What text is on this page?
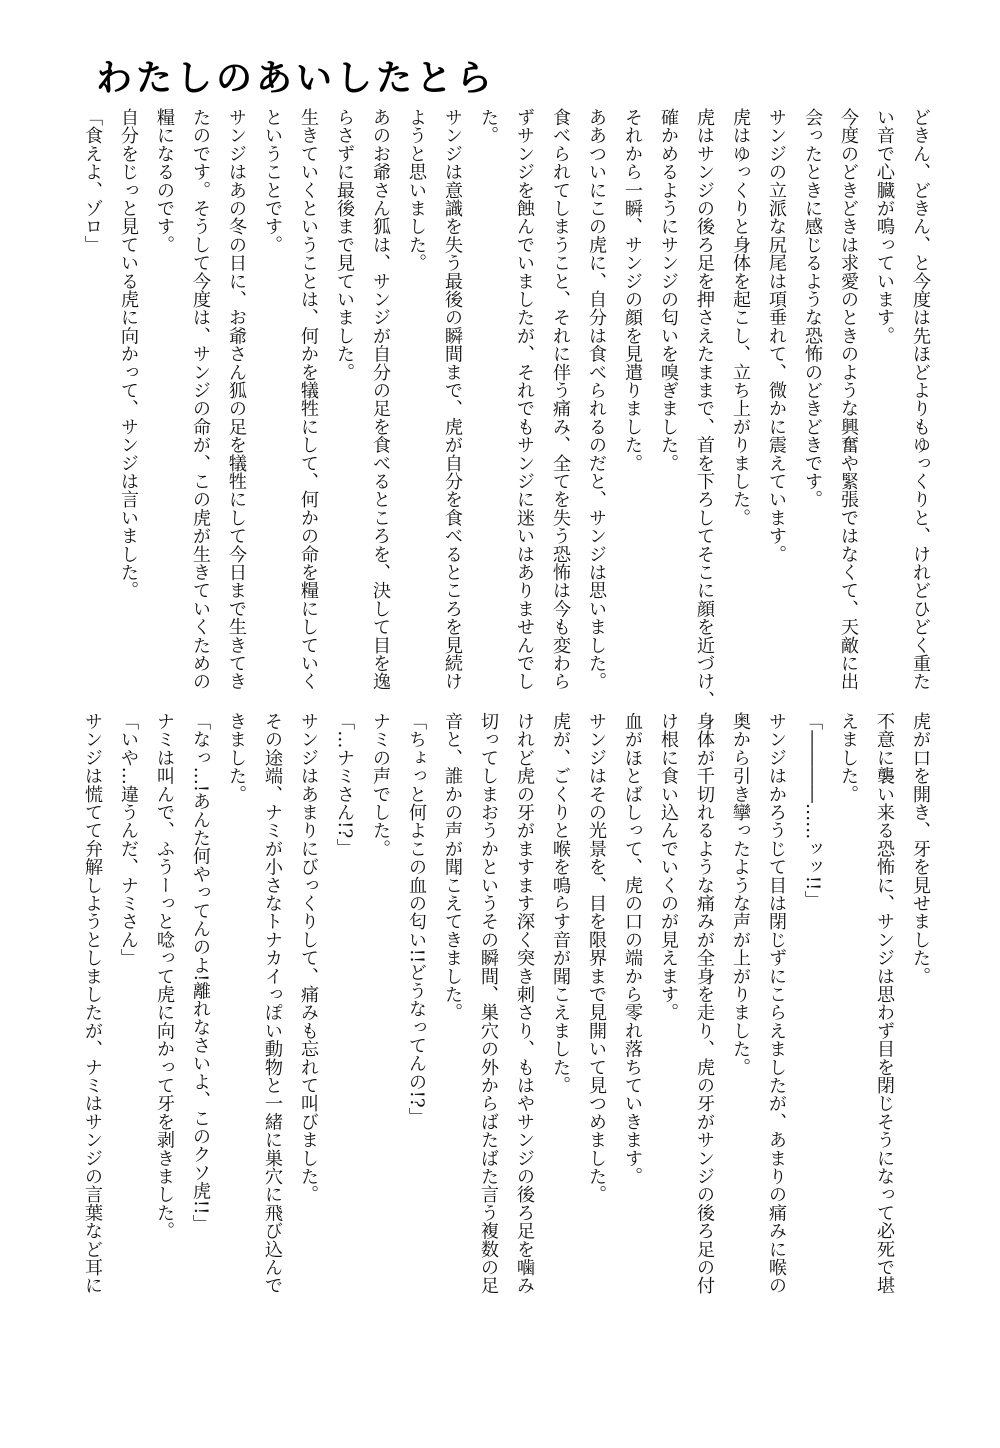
わたしのあいしたとら
どきん、どきん、と今度は先ほどよりもゆっくりと、けれどひどく重た
い音で心臓が鳴っています。
今度のどきどきは求愛のときのような興奮や緊張ではなくて、天敵に出
会ったときに感じるような恐怖のどきどきです。
サンジの立派な尻尾は項垂れて、微かに震えています。
虎はゆっくりと身体を起こし、立ち上がりました。
虎はサンジの後ろ足を押さえたままで、首を下ろしてそこに顔を近づけ、
確かめるようにサンジの匂いを嗅ぎました。
それから一瞬、サンジの顔を見遣りました。
ああついにこの虎に、自分は食べられるのだと、サンジは思いました。
食べられてしまうこと、それに伴う痛み、全てを失う恐怖は今も変わら
ずサンジを蝕んでいましたが、それでもサンジに迷いはありませんでし
た。
サンジは意識を失う最後の瞬間まで、虎が自分を食べるところを見続け
ようと思いました。
あのお爺さん狐は、サンジが自分の足を食べるところを、決して目を逸
らさずに最後まで見ていました。
生きていくということは、何かを犠牲にして、何かの命を糧にしていく
ということです。
サンジはあの冬の日に、お爺さん狐の足を犠牲にして今日まで生きてき
たのです。そうして今度は、サンジの命が、この虎が生きていくための
糧になるのです。
自分をじっと見ている虎に向かって、サンジは言いました。
「食えよ、ゾロ」
虎が口を開き、牙を見せました。
不意に襲い来る恐怖に、サンジは思わず目を閉じそうになって必死で堪
えました。
「――――……ッッ!!」
サンジはかろうじて目は閉じずにこらえましたが、あまりの痛みに喉の
奥から引き攣ったような声が上がりました。
身体が千切れるような痛みが全身を走り、虎の牙がサンジの後ろ足の付
け根に食い込んでいくのが見えます。
血がほとばしって、虎の口の端から零れ落ちていきます。
サンジはその光景を、目を限界まで見開いて見つめました。
虎が、ごくりと喉を鳴らす音が聞こえました。
けれど虎の牙がますます深く突き刺さり、もはやサンジの後ろ足を噛み
切ってしまおうかというその瞬間、巣穴の外からばたばた言う複数の足
音と、誰かの声が聞こえてきました。
「ちょっと何よこの血の匂い!!どうなってんの!?」
ナミの声でした。
「…ナミさん!?」
サンジはあまりにびっくりして、痛みも忘れて叫びました。
その途端、ナミが小さなトナカイっぽい動物と一緒に巣穴に飛び込んで
きました。
「なっ…!あんた何やってんのよ!離れなさいよ、このクソ虎!!」
ナミは叫んで、ふうーっと唸って虎に向かって牙を剥きました。
「いや…違うんだ、ナミさん」
サンジは慌てて弁解しようとしましたが、ナミはサンジの言葉など耳に
